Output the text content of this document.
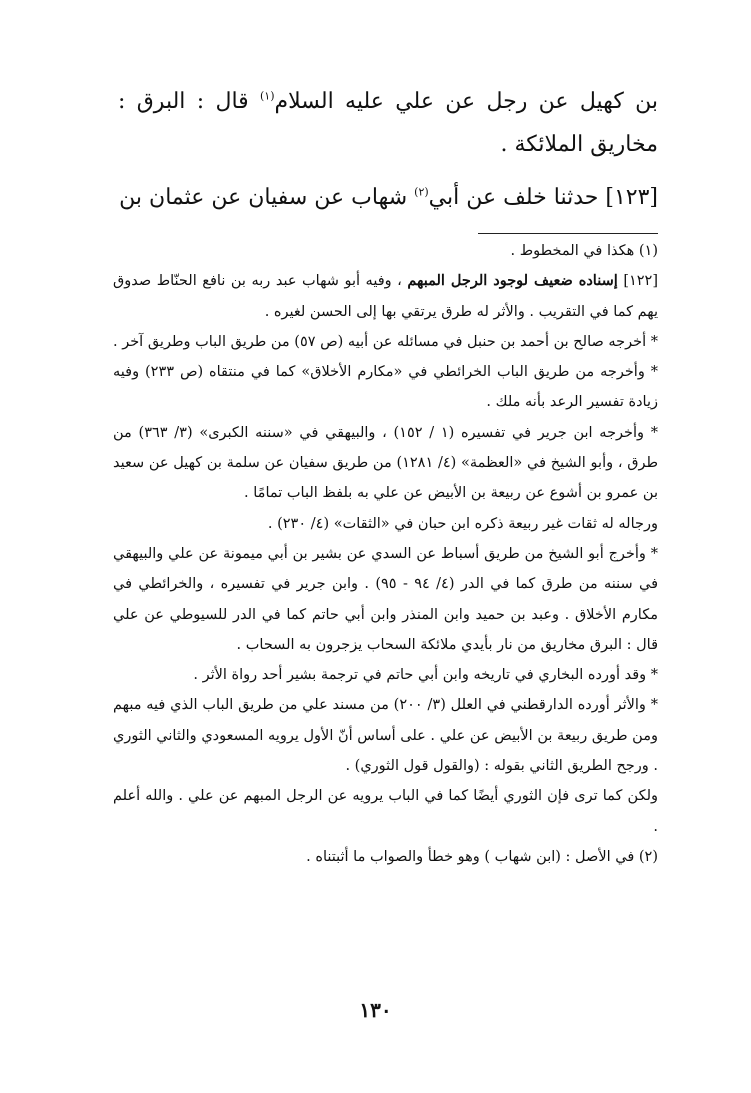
بن كهيل عن رجل عن علي عليه السلام$^{(١)}$ قال : البرق : مخاريق الملائكة .

[١٢٣] حدثنا خلف عن أبي$^{(٢)}$ شهاب عن سفيان عن عثمان بن

(١) هكذا في المخطوط .

[١٢٢] إسناده ضعيف لوجود الرجل المبهم ، وفيه أبو شهاب عبد ربه بن نافع الحنّاط صدوق يهم كما في التقريب . والأثر له طرق يرتقي بها إلى الحسن لغيره .

* أخرجه صالح بن أحمد بن حنبل في مسائله عن أبيه (ص ٥٧) من طريق الباب وطريق آخر .

* وأخرجه من طريق الباب الخرائطي في «مكارم الأخلاق» كما في منتقاه (ص ٢٣٣) وفيه زيادة تفسير الرعد بأنه ملك .

* وأخرجه ابن جرير في تفسيره (١ / ١٥٢) ، والبيهقي في «سننه الكبرى» (٣/ ٣٦٣) من طرق ، وأبو الشيخ في «العظمة» (٤/ ١٢٨١) من طريق سفيان عن سلمة بن كهيل عن سعيد بن عمرو بن أشوع عن ربيعة بن الأبيض عن علي به بلفظ الباب تمامًا .

ورجاله له ثقات غير ربيعة ذكره ابن حبان في «الثقات» (٤/ ٢٣٠) .

* وأخرج أبو الشيخ من طريق أسباط عن السدي عن بشير بن أبي ميمونة عن علي والبيهقي في سننه من طرق كما في الدر (٤/ ٩٤ - ٩٥) . وابن جرير في تفسيره ، والخرائطي في مكارم الأخلاق . وعبد بن حميد وابن المنذر وابن أبي حاتم كما في الدر للسيوطي عن علي قال : البرق مخاريق من نار بأيدي ملائكة السحاب يزجرون به السحاب .

* وقد أورده البخاري في تاريخه وابن أبي حاتم في ترجمة بشير أحد رواة الأثر .

* والأثر أورده الدارقطني في العلل (٣/ ٢٠٠) من مسند علي من طريق الباب الذي فيه مبهم ومن طريق ربيعة بن الأبيض عن علي . على أساس أنّ الأول يرويه المسعودي والثاني الثوري . ورجح الطريق الثاني بقوله : (والقول قول الثوري) .

ولكن كما ترى فإن الثوري أيضًا كما في الباب يرويه عن الرجل المبهم عن علي . والله أعلم .

(٢) في الأصل : (ابن شهاب ) وهو خطأ والصواب ما أثبتناه .

١٣٠
